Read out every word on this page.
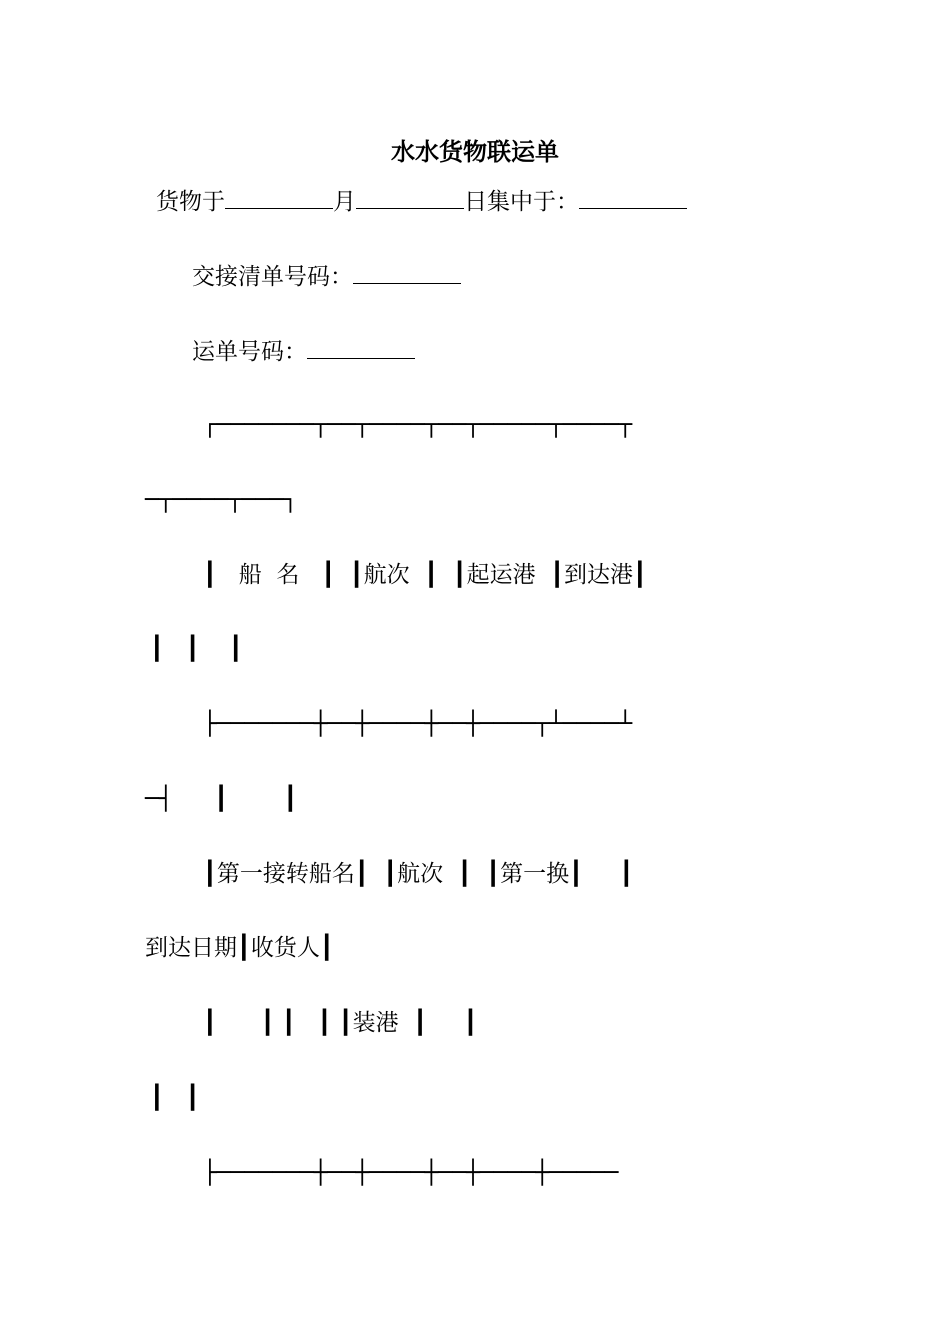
水水货物联运单
货物于	月	日集中于：
交接清单号码：
运单号码：
┌───────┬──┬────┬──┬─────┬────┬
─┬────┬───┐
┃   船  名   ┃  ┃航次  ┃  ┃起运港  ┃到达港┃
┃   ┃    ┃
├───────┼──┼────┼──┼────┬┴────┴
─┤   ┃    ┃
┃第一接转船名┃  ┃航次  ┃  ┃第一换┃     ┃
到达日期┃收货人┃
┃      ┃ ┃   ┃ ┃装港  ┃     ┃
┃   ┃
├───────┼──┼────┼──┼────┼─────
